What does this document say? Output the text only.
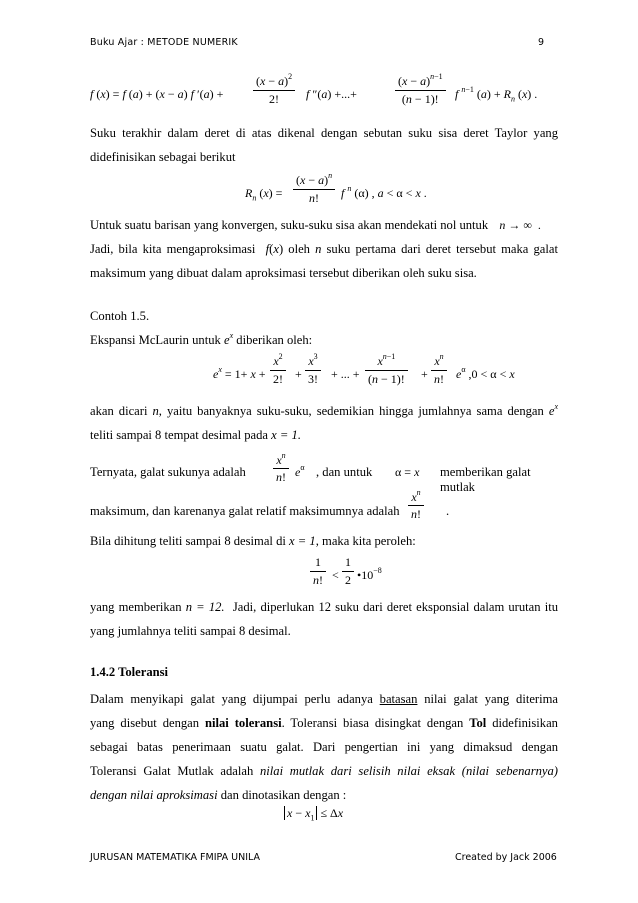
Buku Ajar : METODE NUMERIK	9
f (x) = f (a) + (x − a) f ′(a) +
$(x - a)^2$
2!	f ″(a) +...+
$(x - a)^{n-1}$
(n − 1)!	f $^{n-1}$ $(a) + R_n$ (x) .
Suku terakhir dalam deret di atas dikenal dengan sebutan suku sisa deret Taylor yang
didefinisikan sebagai berikut
$R_n$ (x) =
$(x - a)^n$
n!	f $^n$ (α) , a < α < x .
Untuk suatu barisan yang konvergen, suku-suku sisa akan mendekati nol untuk n → ∞  .
Jadi, bila kita mengaproksimasi f(x) oleh n suku pertama dari deret tersebut maka galat
maksimum yang dibuat dalam aproksimasi tersebut diberikan oleh suku sisa.
Contoh 1.5.
Ekspansi McLaurin untuk $e^x$ diberikan oleh:
$e^x = 1+ x$ +
$x^2$
2! +
$x^3$
3! + ... +
$x^{n-1}$
(n − 1)! +
$x^n$
n! $e^\alpha$ ,0 < α < x
akan dicari n, yaitu banyaknya suku-suku, sedemikian hingga jumlahnya sama dengan $e^x$
teliti sampai 8 tempat desimal pada x = 1.
Ternyata, galat sukunya adalah
$x^n$
n! $e^\alpha$ , dan untuk α = x memberikan galat mutlak
maksimum, dan karenanya galat relatif maksimumnya adalah
$x^n$
n! .
Bila dihitung teliti sampai 8 desimal di x = 1, maka kita peroleh:
1
n! <
1
2 $•10^{-8}$
yang memberikan n = 12. Jadi, diperlukan 12 suku dari deret eksponsial dalam urutan itu
yang jumlahnya teliti sampai 8 desimal.
1.4.2 Toleransi
Dalam menyikapi galat yang dijumpai perlu adanya batasan nilai galat yang diterima
yang disebut dengan nilai toleransi. Toleransi biasa disingkat dengan Tol didefinisikan
sebagai batas penerimaan suatu galat. Dari pengertian ini yang dimaksud dengan
Toleransi Galat Mutlak adalah nilai mutlak dari selisih nilai eksak (nilai sebenarnya)
dengan nilai aproksimasi dan dinotasikan dengan :
$x - x_1 \le \Delta x$
JURUSAN MATEMATIKA FMIPA UNILA	Created by Jack 2006
